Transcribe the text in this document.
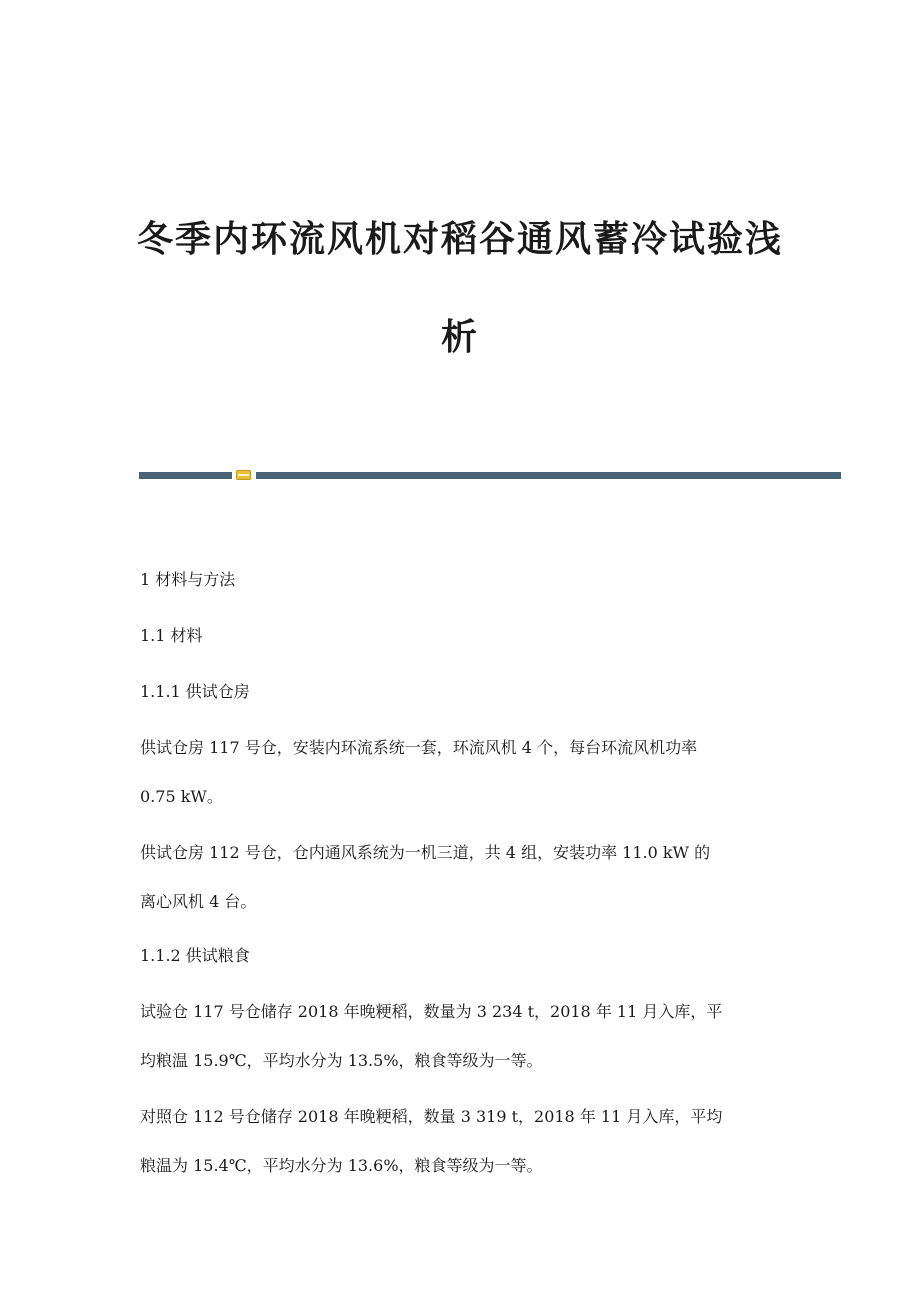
冬季内环流风机对稻谷通风蓄冷试验浅
析
1 材料与方法
1.1 材料
1.1.1 供试仓房
供试仓房 117 号仓，安装内环流系统一套，环流风机 4 个，每台环流风机功率
0.75 kW。
供试仓房 112 号仓，仓内通风系统为一机三道，共 4 组，安装功率 11.0 kW 的
离心风机 4 台。
1.1.2 供试粮食
试验仓 117 号仓储存 2018 年晚粳稻，数量为 3 234 t，2018 年 11 月入库，平
均粮温 15.9℃，平均水分为 13.5%，粮食等级为一等。
对照仓 112 号仓储存 2018 年晚粳稻，数量 3 319 t，2018 年 11 月入库，平均
粮温为 15.4℃，平均水分为 13.6%，粮食等级为一等。
